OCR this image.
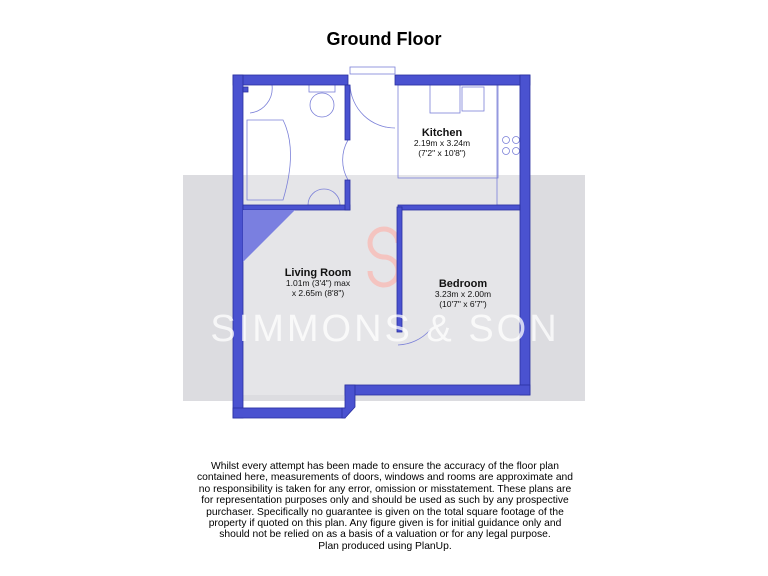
Ground Floor
SIMMONS & SON
Kitchen
2.19m x 3.24m
(7'2" x 10'8")
Living Room
1.01m (3'4") max
x 2.65m (8'8")
Bedroom
3.23m x 2.00m
(10'7" x 6'7")
Whilst every attempt has been made to ensure the accuracy of the floor plan contained here, measurements of doors, windows and rooms are approximate and no responsibility is taken for any error, omission or misstatement. These plans are for representation purposes only and should be used as such by any prospective purchaser. Specifically no guarantee is given on the total square footage of the property if quoted on this plan. Any figure given is for initial guidance only and should not be relied on as a basis of a valuation or for any legal purpose.
Plan produced using PlanUp.
